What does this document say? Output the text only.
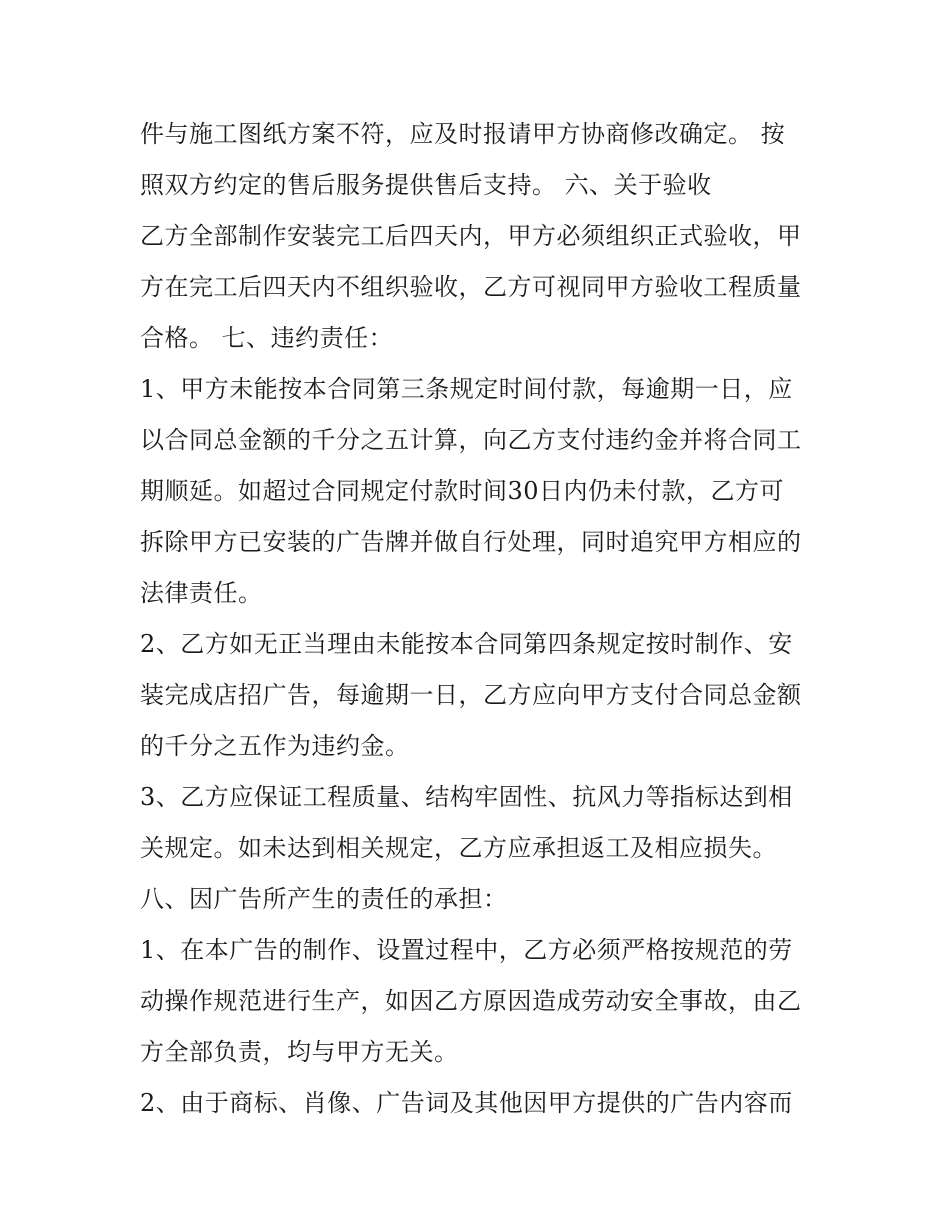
件与施工图纸方案不符，应及时报请甲方协商修改确定。 按
照双方约定的售后服务提供售后支持。 六、关于验收
乙方全部制作安装完工后四天内，甲方必须组织正式验收，甲
方在完工后四天内不组织验收，乙方可视同甲方验收工程质量
合格。 七、违约责任：
1、甲方未能按本合同第三条规定时间付款，每逾期一日，应
以合同总金额的千分之五计算，向乙方支付违约金并将合同工
期顺延。如超过合同规定付款时间30日内仍未付款，乙方可
拆除甲方已安装的广告牌并做自行处理，同时追究甲方相应的
法律责任。
2、乙方如无正当理由未能按本合同第四条规定按时制作、安
装完成店招广告，每逾期一日，乙方应向甲方支付合同总金额
的千分之五作为违约金。
3、乙方应保证工程质量、结构牢固性、抗风力等指标达到相
关规定。如未达到相关规定，乙方应承担返工及相应损失。
八、因广告所产生的责任的承担：
1、在本广告的制作、设置过程中，乙方必须严格按规范的劳
动操作规范进行生产，如因乙方原因造成劳动安全事故，由乙
方全部负责，均与甲方无关。
2、由于商标、肖像、广告词及其他因甲方提供的广告内容而
